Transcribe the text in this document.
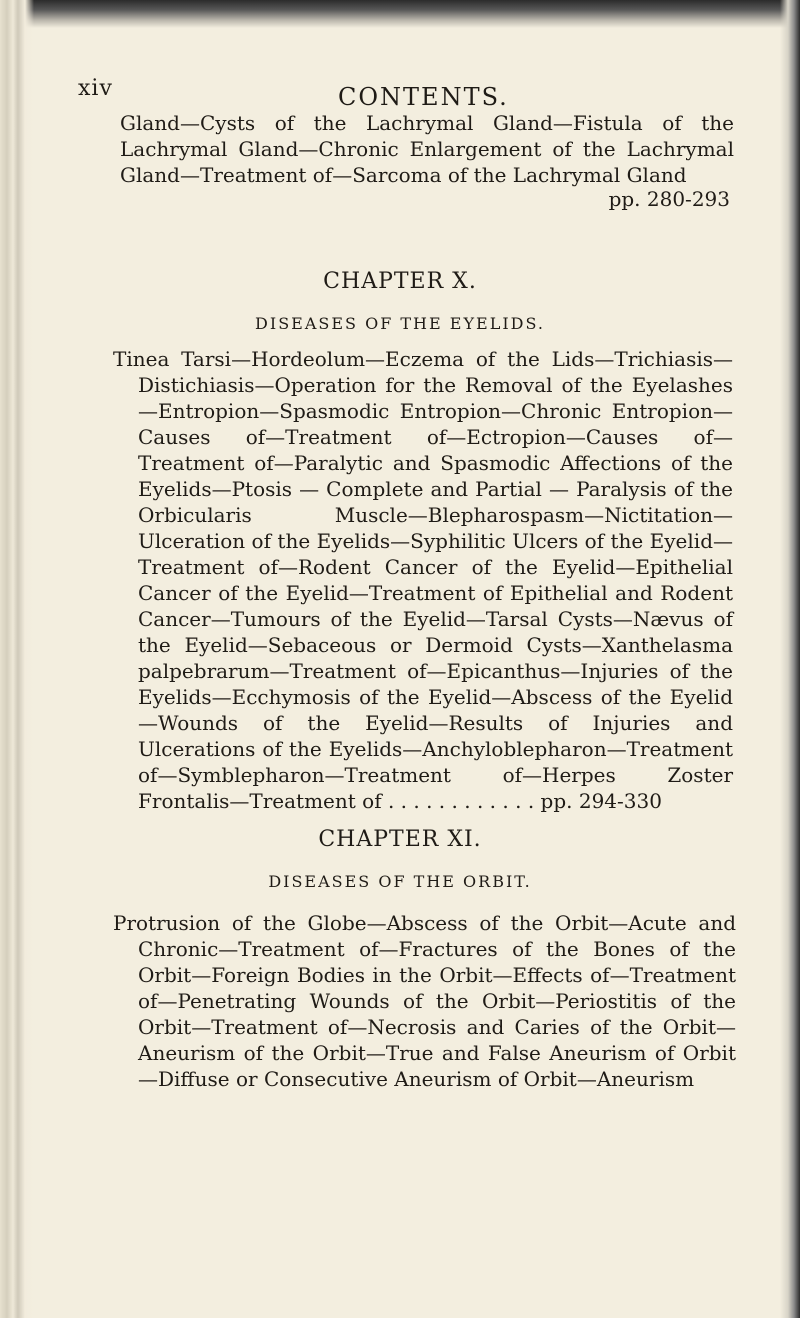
xiv	CONTENTS.
Gland—Cysts of the Lachrymal Gland—Fistula of the Lachrymal Gland—Chronic Enlargement of the Lachrymal Gland—Treatment of—Sarcoma of the Lachrymal Gland
pp. 280-293
CHAPTER X.
DISEASES OF THE EYELIDS.
Tinea Tarsi—Hordeolum—Eczema of the Lids—Trichiasis—Distichiasis—Operation for the Removal of the Eyelashes—Entropion—Spasmodic Entropion—Chronic Entropion—Causes of—Treatment of—Ectropion—Causes of—Treatment of—Paralytic and Spasmodic Affections of the Eyelids—Ptosis — Complete and Partial — Paralysis of the Orbicularis Muscle—Blepharospasm—Nictitation—Ulceration of the Eyelids—Syphilitic Ulcers of the Eyelid—Treatment of—Rodent Cancer of the Eyelid—Epithelial Cancer of the Eyelid—Treatment of Epithelial and Rodent Cancer—Tumours of the Eyelid—Tarsal Cysts—Nævus of the Eyelid—Sebaceous or Dermoid Cysts—Xanthelasma palpebrarum—Treatment of—Epicanthus—Injuries of the Eyelids—Ecchymosis of the Eyelid—Abscess of the Eyelid—Wounds of the Eyelid—Results of Injuries and Ulcerations of the Eyelids—Anchyloblepharon—Treatment of—Symblepharon—Treatment of—Herpes Zoster Frontalis—Treatment of . . . . . . . . . . . . pp. 294-330
CHAPTER XI.
DISEASES OF THE ORBIT.
Protrusion of the Globe—Abscess of the Orbit—Acute and Chronic—Treatment of—Fractures of the Bones of the Orbit—Foreign Bodies in the Orbit—Effects of—Treatment of—Penetrating Wounds of the Orbit—Periostitis of the Orbit—Treatment of—Necrosis and Caries of the Orbit—Aneurism of the Orbit—True and False Aneurism of Orbit—Diffuse or Consecutive Aneurism of Orbit—Aneurism
